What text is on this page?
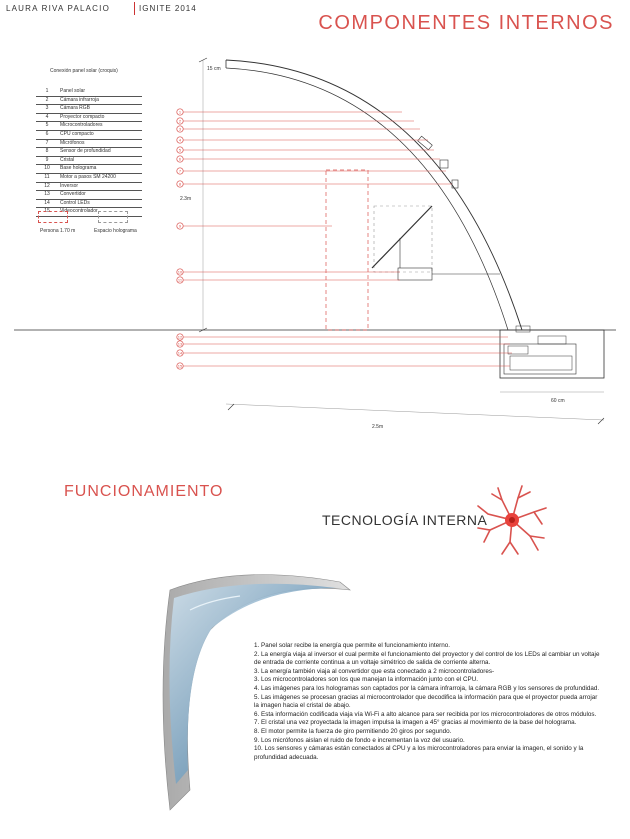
LAURA RIVA PALACIO	IGNITE 2014
COMPONENTES INTERNOS
Conexión panel solar (croquis)
1	Panel solar
2	Cámara infrarroja
3	Cámara RGB
4	Proyector compacto
5	Microcontroladores
6	CPU compacto
7	Micrófonos
8	Sensor de profundidad
9	Cristal
10	Base holograma
11	Motor a pasos SM 24200
12	Inversor
13	Convertidor
14	Control LEDs
15	Videocontrolador
Persona 1.70 m	Espacio holograma
1
2
3
4
5
6
7
8
9
10
11
12
13
14
15
15 cm
2.3m
60 cm
2.5m
FUNCIONAMIENTO
TECNOLOGÍA INTERNA

1. Panel solar recibe la energía que permite el funcionamiento interno.

2. La energía viaja al inversor el cual permite el funcionamiento del proyector y del control de los LEDs al cambiar un voltaje de entrada de corriente continua a un voltaje simétrico de salida de corriente alterna.

3. La energía también viaja al convertidor que esta conectado a 2 microcontroladores-

3. Los microcontroladores son los que manejan la información junto con el CPU.

4. Las imágenes para los hologramas son captados por la cámara infrarroja, la cámara RGB y los sensores de profundidad.

5. Las imágenes se procesan gracias al microcontrolador que decodifica la información para que el proyector pueda arrojar la imagen hacia el cristal de abajo.

6. Esta información codificada viaja vía Wi-Fi a alto alcance para ser recibida por los microcontroladores de otros módulos.

7. El cristal una vez proyectada la imagen impulsa la imagen a 45° gracias al movimiento de la base del holograma.

8. El motor permite la fuerza de giro permitiendo 20 giros por segundo.

9. Los micrófonos aislan el ruido de fondo e incrementan la voz del usuario.

10. Los sensores y cámaras están conectados al CPU y a los microcontroladores para enviar la imagen, el sonido y la profundidad adecuada.
